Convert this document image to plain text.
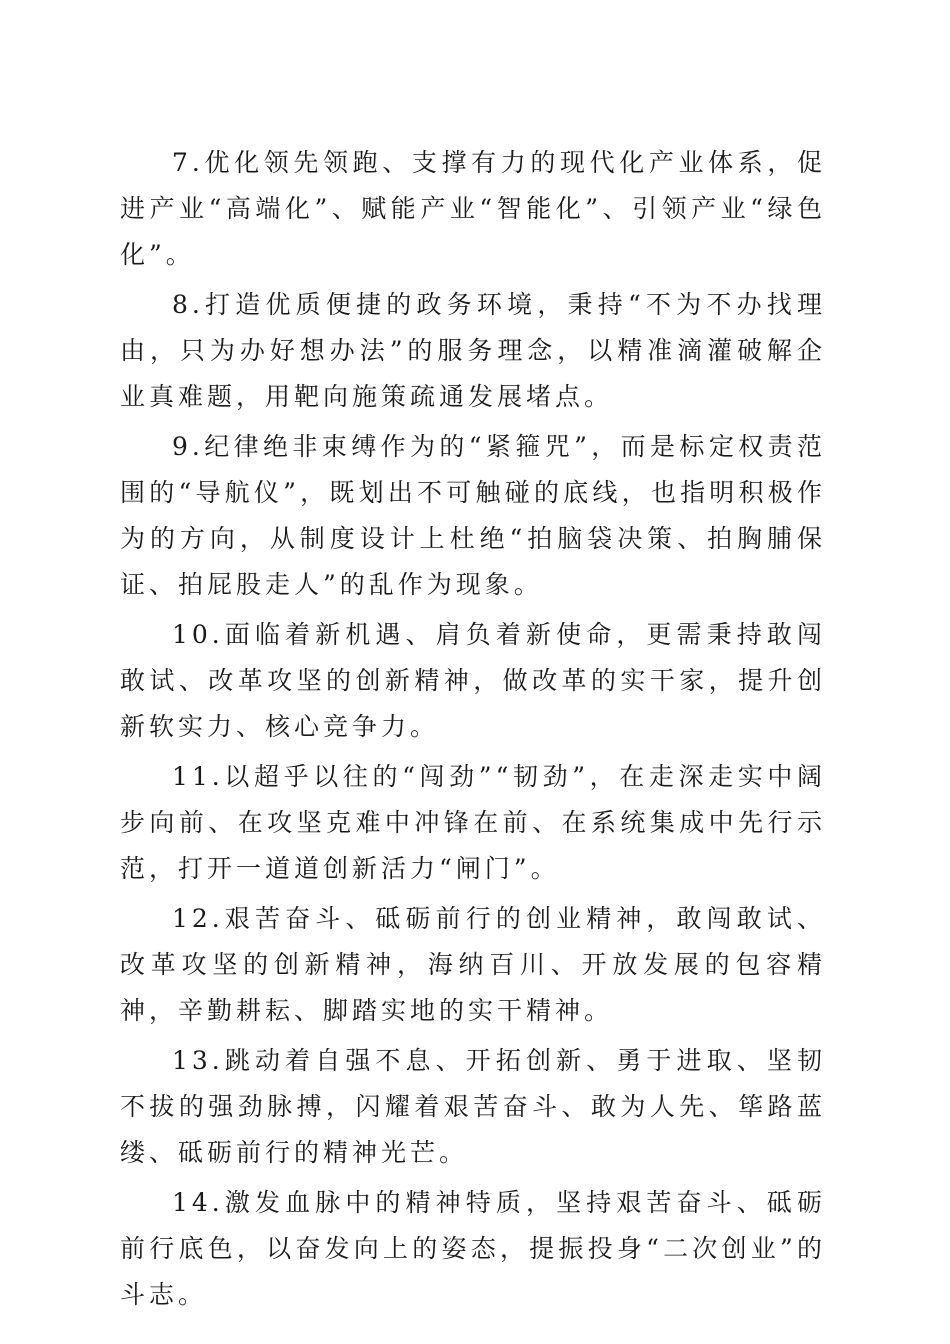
7.优化领先领跑、支撑有力的现代化产业体系，促进产业“高端化”、赋能产业“智能化”、引领产业“绿色化”。

8.打造优质便捷的政务环境，秉持“不为不办找理由，只为办好想办法”的服务理念，以精准滴灌破解企业真难题，用靶向施策疏通发展堵点。

9.纪律绝非束缚作为的“紧箍咒”，而是标定权责范围的“导航仪”，既划出不可触碰的底线，也指明积极作为的方向，从制度设计上杜绝“拍脑袋决策、拍胸脯保证、拍屁股走人”的乱作为现象。

10.面临着新机遇、肩负着新使命，更需秉持敢闯敢试、改革攻坚的创新精神，做改革的实干家，提升创新软实力、核心竞争力。

11.以超乎以往的“闯劲”“韧劲”，在走深走实中阔步向前、在攻坚克难中冲锋在前、在系统集成中先行示范，打开一道道创新活力“闸门”。

12.艰苦奋斗、砥砺前行的创业精神，敢闯敢试、改革攻坚的创新精神，海纳百川、开放发展的包容精神，辛勤耕耘、脚踏实地的实干精神。

13.跳动着自强不息、开拓创新、勇于进取、坚韧不拔的强劲脉搏，闪耀着艰苦奋斗、敢为人先、筚路蓝缕、砥砺前行的精神光芒。

14.激发血脉中的精神特质，坚持艰苦奋斗、砥砺前行底色，以奋发向上的姿态，提振投身“二次创业”的斗志。
